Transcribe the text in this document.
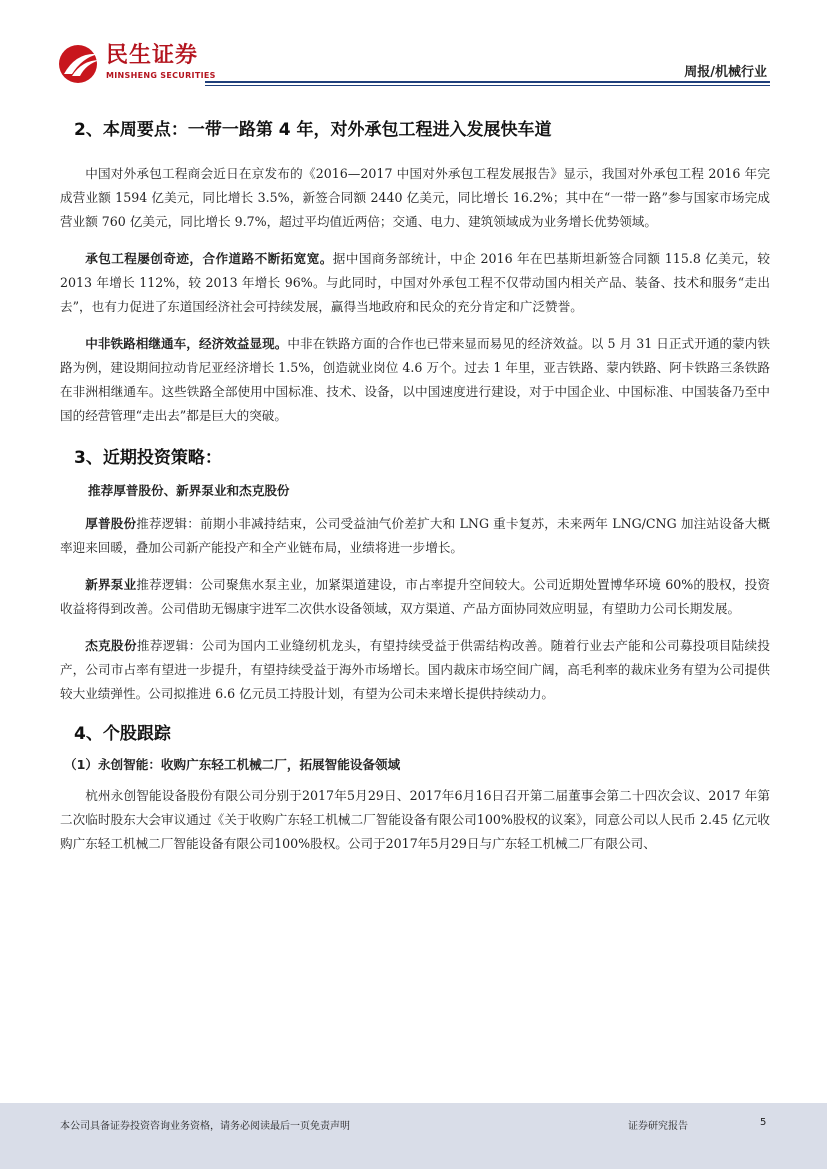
民生证券
MINSHENG SECURITIES	周报/机械行业
2、本周要点：一带一路第 4 年，对外承包工程进入发展快车道

中国对外承包工程商会近日在京发布的《2016—2017 中国对外承包工程发展报告》显示，我国对外承包工程 2016 年完成营业额 1594 亿美元，同比增长 3.5%，新签合同额 2440 亿美元，同比增长 16.2%；其中在“一带一路”参与国家市场完成营业额 760 亿美元，同比增长 9.7%，超过平均值近两倍；交通、电力、建筑领域成为业务增长优势领域。

承包工程屡创奇迹，合作道路不断拓宽宽。据中国商务部统计，中企 2016 年在巴基斯坦新签合同额 115.8 亿美元，较 2013 年增长 112%，较 2013 年增长 96%。与此同时，中国对外承包工程不仅带动国内相关产品、装备、技术和服务“走出去”，也有力促进了东道国经济社会可持续发展，赢得当地政府和民众的充分肯定和广泛赞誉。

中非铁路相继通车，经济效益显现。中非在铁路方面的合作也已带来显而易见的经济效益。以 5 月 31 日正式开通的蒙内铁路为例，建设期间拉动肯尼亚经济增长 1.5%，创造就业岗位 4.6 万个。过去 1 年里，亚吉铁路、蒙内铁路、阿卡铁路三条铁路在非洲相继通车。这些铁路全部使用中国标准、技术、设备，以中国速度进行建设，对于中国企业、中国标准、中国装备乃至中国的经营管理“走出去”都是巨大的突破。

3、近期投资策略：
推荐厚普股份、新界泵业和杰克股份

厚普股份推荐逻辑：前期小非减持结束，公司受益油气价差扩大和 LNG 重卡复苏，未来两年 LNG/CNG 加注站设备大概率迎来回暖，叠加公司新产能投产和全产业链布局，业绩将进一步增长。

新界泵业推荐逻辑：公司聚焦水泵主业，加紧渠道建设，市占率提升空间较大。公司近期处置博华环境 60%的股权，投资收益将得到改善。公司借助无锡康宇进军二次供水设备领域，双方渠道、产品方面协同效应明显，有望助力公司长期发展。

杰克股份推荐逻辑：公司为国内工业缝纫机龙头，有望持续受益于供需结构改善。随着行业去产能和公司募投项目陆续投产，公司市占率有望进一步提升，有望持续受益于海外市场增长。国内裁床市场空间广阔，高毛利率的裁床业务有望为公司提供较大业绩弹性。公司拟推进 6.6 亿元员工持股计划，有望为公司未来增长提供持续动力。

4、个股跟踪
（1）永创智能：收购广东轻工机械二厂，拓展智能设备领域

杭州永创智能设备股份有限公司分别于2017年5月29日、2017年6月16日召开第二届董事会第二十四次会议、2017 年第二次临时股东大会审议通过《关于收购广东轻工机械二厂智能设备有限公司100%股权的议案》，同意公司以人民币 2.45 亿元收购广东轻工机械二厂智能设备有限公司100%股权。公司于2017年5月29日与广东轻工机械二厂有限公司、

本公司具备证券投资咨询业务资格，请务必阅读最后一页免责声明	证券研究报告	5
